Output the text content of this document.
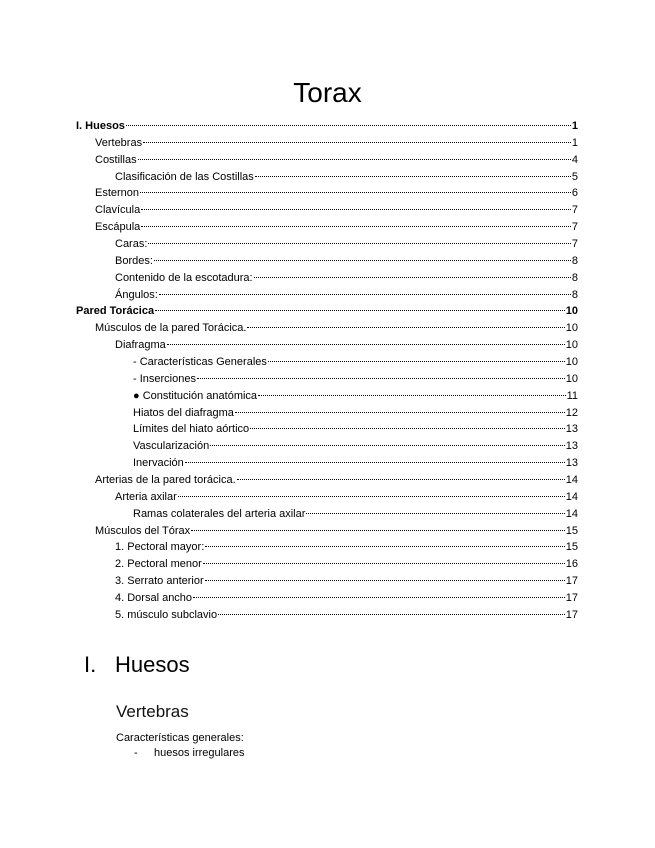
Torax
I. Huesos	1
Vertebras	1
Costillas	4
Clasificación de las Costillas	5
Esternon	6
Clavícula	7
Escápula	7
Caras:	7
Bordes:	8
Contenido de la escotadura:	8
Ángulos:	8
Pared Torácica	10
Músculos de la pared Torácica.	10
Diafragma	10
- Características Generales	10
- Inserciones	10
● Constitución anatómica	11
Hiatos del diafragma	12
Límites del hiato aórtico	13
Vascularización	13
Inervación	13
Arterias de la pared torácica.	14
Arteria axilar	14
Ramas colaterales del arteria axilar	14
Músculos del Tórax	15
1. Pectoral mayor:	15
2. Pectoral menor	16
3. Serrato anterior	17
4. Dorsal ancho	17
5. músculo subclavio	17
I. Huesos
Vertebras
Características generales:
- huesos irregulares
